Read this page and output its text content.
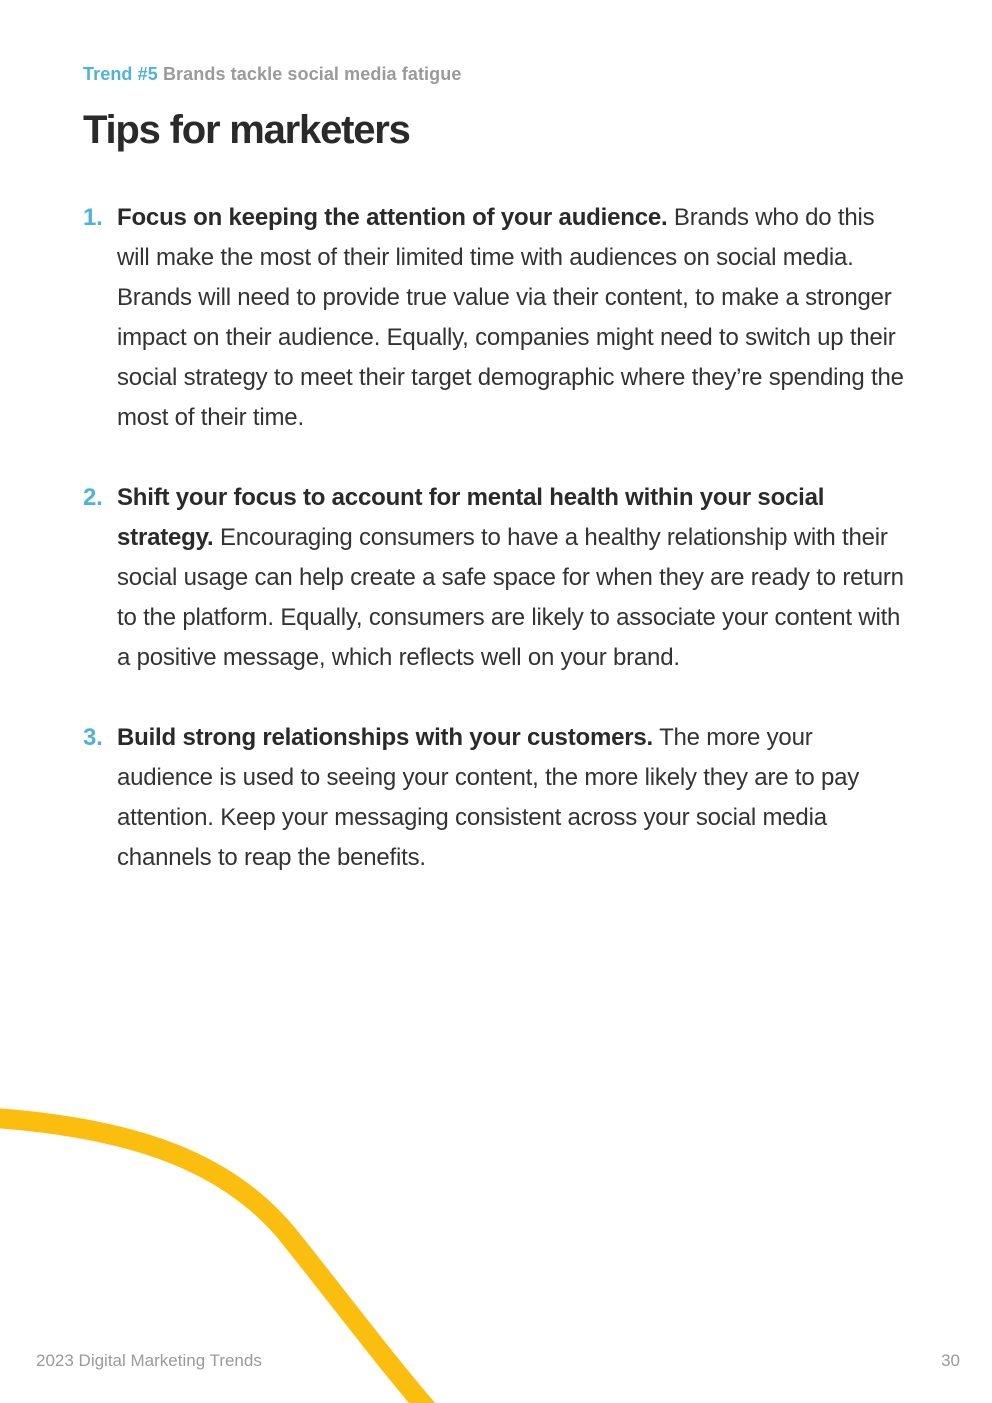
Trend #5 Brands tackle social media fatigue
Tips for marketers
1. Focus on keeping the attention of your audience. Brands who do this will make the most of their limited time with audiences on social media. Brands will need to provide true value via their content, to make a stronger impact on their audience. Equally, companies might need to switch up their social strategy to meet their target demographic where they’re spending the most of their time.
2. Shift your focus to account for mental health within your social strategy. Encouraging consumers to have a healthy relationship with their social usage can help create a safe space for when they are ready to return to the platform. Equally, consumers are likely to associate your content with a positive message, which reflects well on your brand.
3. Build strong relationships with your customers. The more your audience is used to seeing your content, the more likely they are to pay attention. Keep your messaging consistent across your social media channels to reap the benefits.
2023 Digital Marketing Trends	30
